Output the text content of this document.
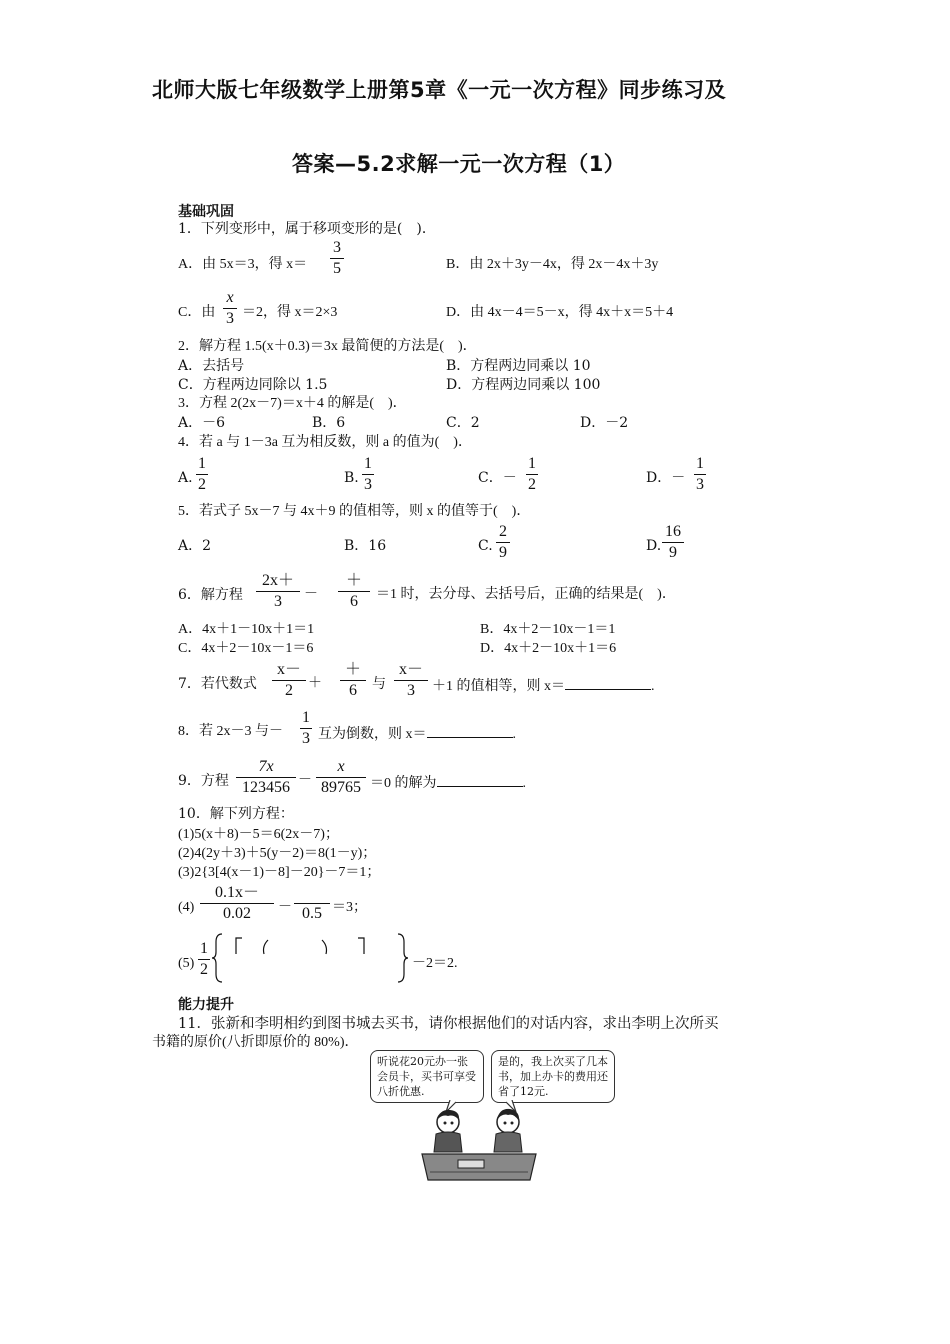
北师大版七年级数学上册第5章《一元一次方程》同步练习及
答案—5.2求解一元一次方程（1）
基础巩固
1．下列变形中，属于移项变形的是(　)．
A．由 5x＝3，得 x＝
3
5	B．由 2x＋3y－4x，得 2x－4x＋3y
C．由
x
3 ＝2，得 x＝2×3	D．由 4x－4＝5－x，得 4x＋x＝5＋4
2．解方程 1.5(x＋0.3)＝3x 最简便的方法是(　)．
A．去括号	B．方程两边同乘以 10
C．方程两边同除以 1.5	D．方程两边同乘以 100
3．方程 2(2x－7)＝x＋4 的解是(　)．
A．－6	B．6	C．2	D．－2
4．若 a 与 1－3a 互为相反数，则 a 的值为(　)．
A.
1
2	B.
1
3	C．－
1
2	D．－
1
3
5．若式子 5x－7 与 4x＋9 的值相等，则 x 的值等于(　)．
A．2	B．16	C.
2
9	D.
16
9
6．解方程
2x＋
3	－
＋
6	＝1 时，去分母、去括号后，正确的结果是(　)．
A．4x＋1－10x＋1＝1	B．4x＋2－10x－1＝1
C．4x＋2－10x－1＝6	D．4x＋2－10x＋1＝6
7．若代数式
x－
2	＋
＋
6	与
x－
3	＋1 的值相等，则 x＝	.
8．若 2x－3 与－
1
3 互为倒数，则 x＝	.
9．方程
7x
123456 －
x
89765 ＝0 的解为	.
10．解下列方程：
(1)5(x＋8)－5＝6(2x－7)；
(2)4(2y＋3)＋5(y－2)＝8(1－y)；
(3)2{3[4(x－1)－8]－20}－7＝1；
(4)
0.1x－
0.02	－
0.5 ＝3；
(5)
1
2	－2＝2.
能力提升
11．张新和李明相约到图书城去买书，请你根据他们的对话内容，求出李明上次所买
书籍的原价(八折即原价的 80%)．
听说花20元办一张会员卡，买书可享受八折优惠.
是的，我上次买了几本书，加上办卡的费用还省了12元.
